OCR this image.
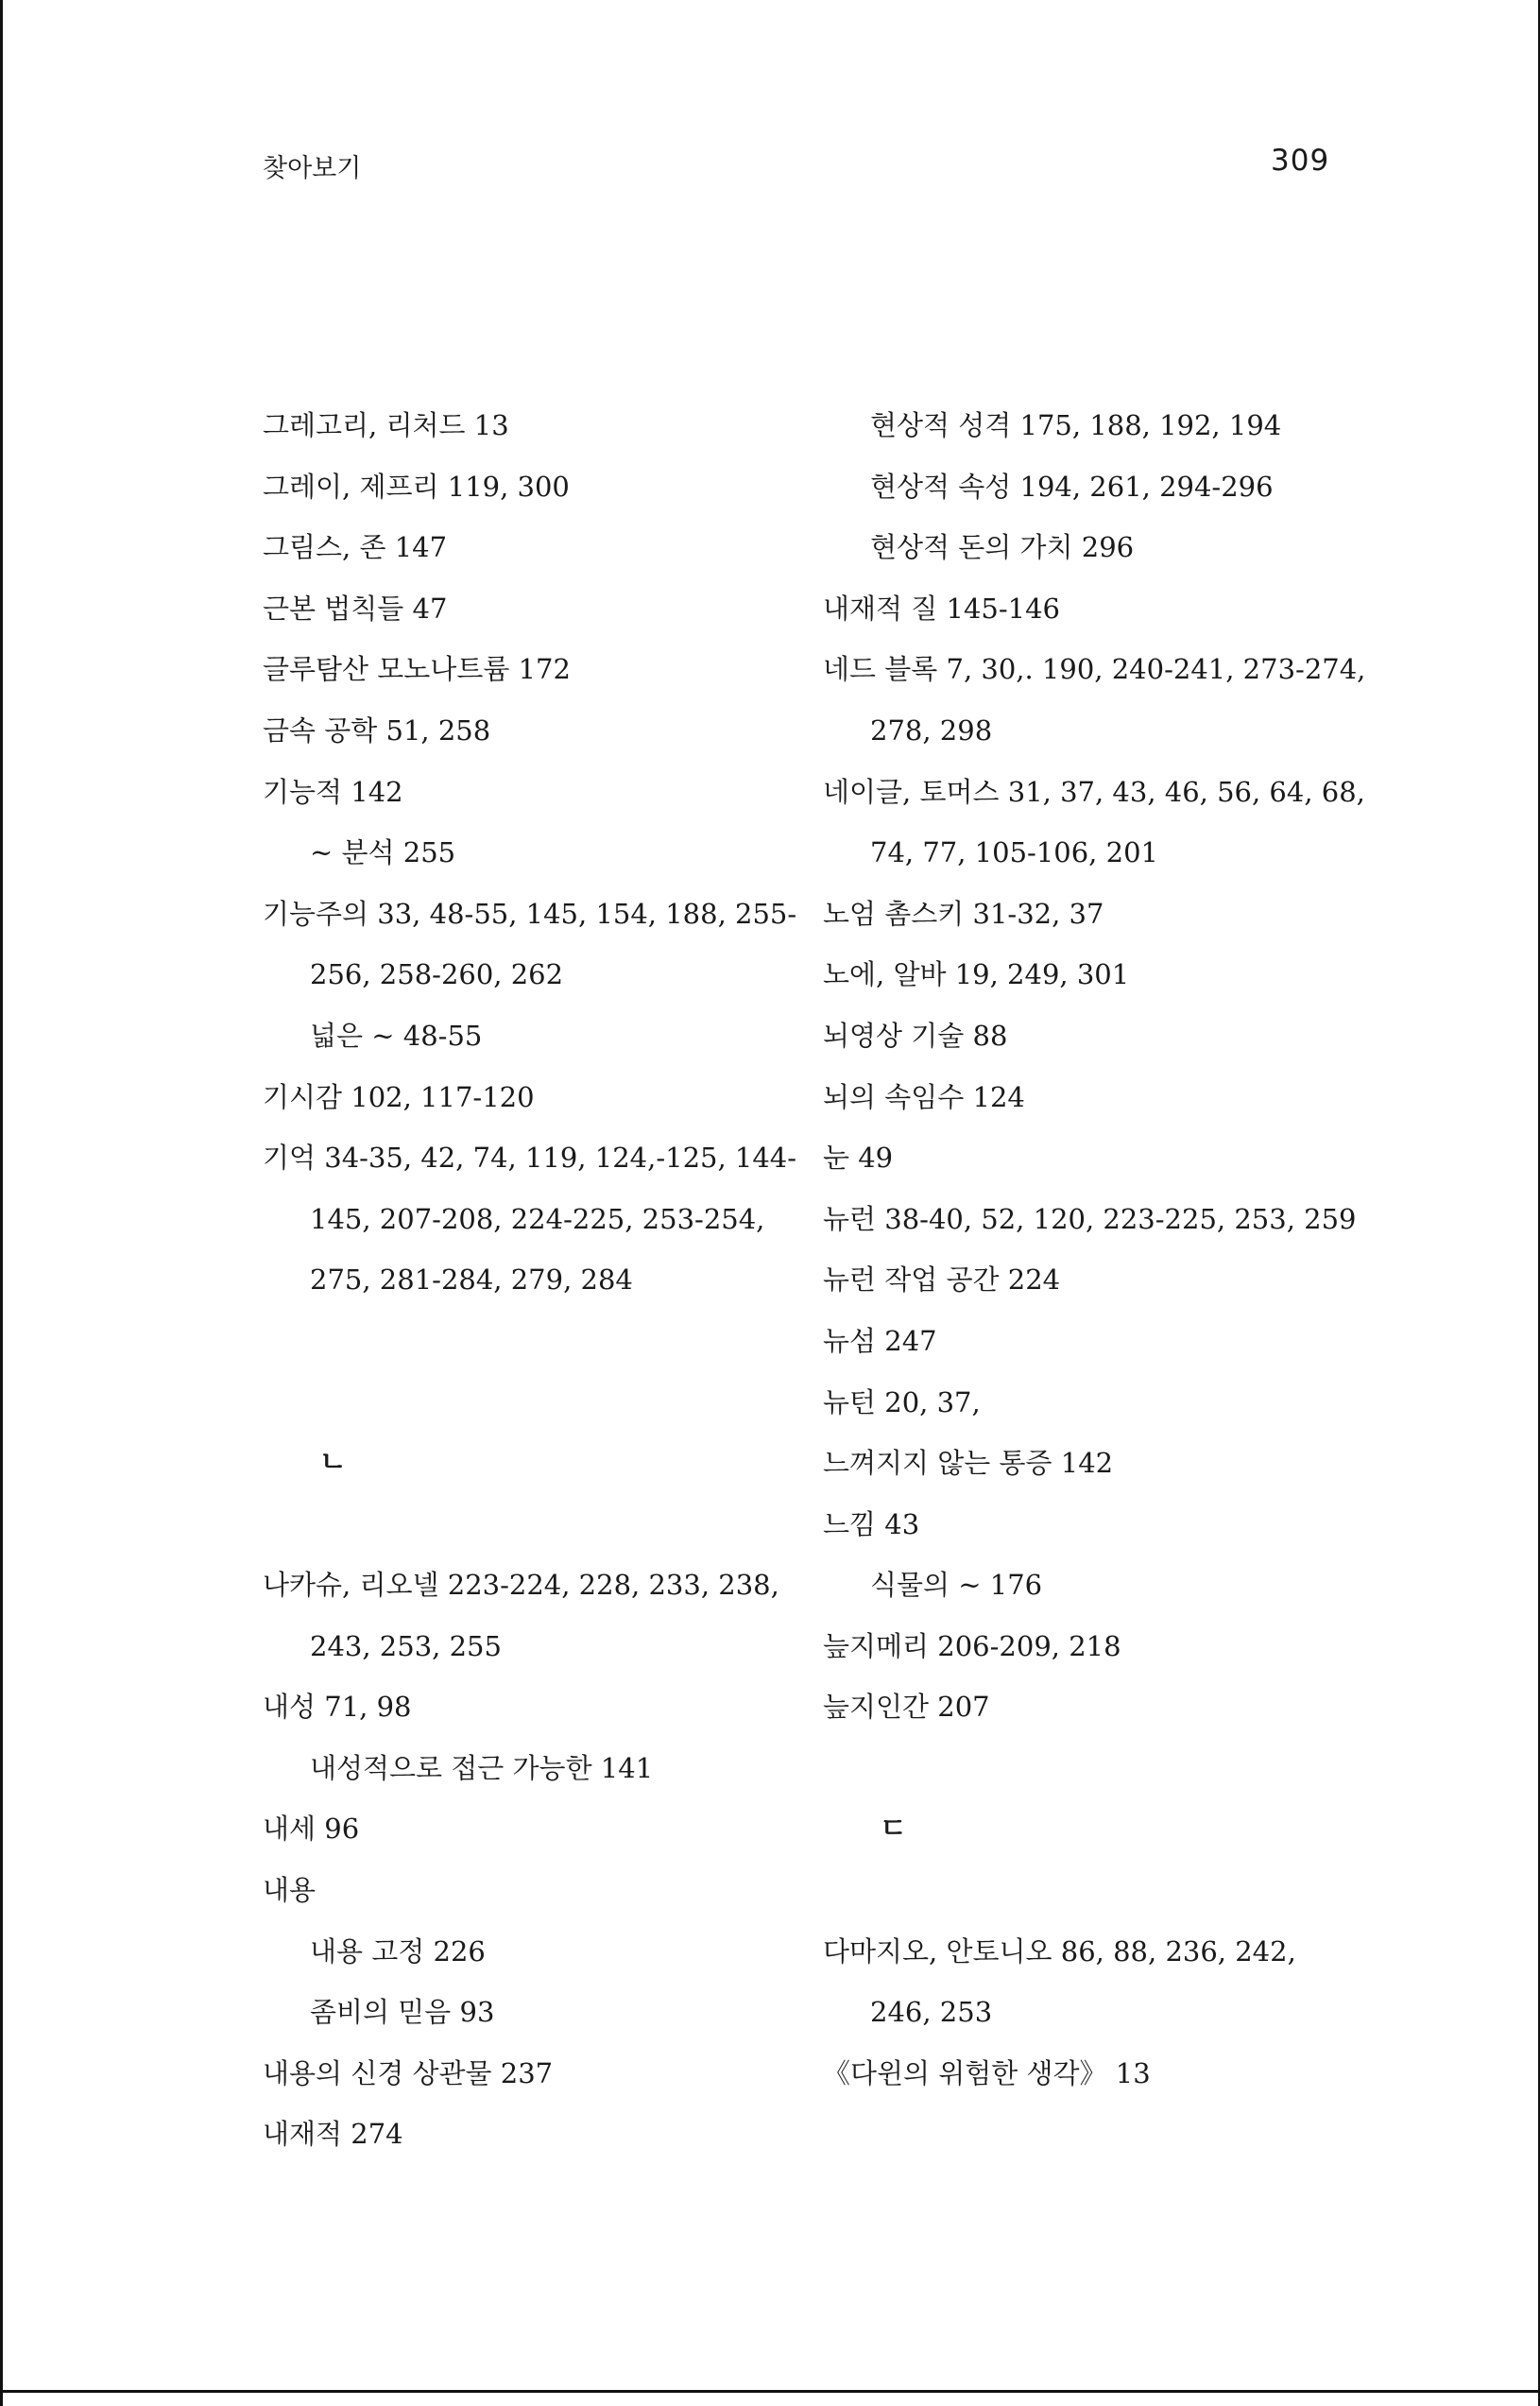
찾아보기	309
그레고리, 리처드 13
그레이, 제프리 119, 300
그림스, 존 147
근본 법칙들 47
글루탐산 모노나트륨 172
금속 공학 51, 258
기능적 142
~ 분석 255
기능주의 33, 48-55, 145, 154, 188, 255-
256, 258-260, 262
넓은 ~ 48-55
기시감 102, 117-120
기억 34-35, 42, 74, 119, 124,-125, 144-
145, 207-208, 224-225, 253-254,
275, 281-284, 279, 284
ㄴ
나카슈, 리오넬 223-224, 228, 233, 238,
243, 253, 255
내성 71, 98
내성적으로 접근 가능한 141
내세 96
내용
내용 고정 226
좀비의 믿음 93
내용의 신경 상관물 237
내재적 274
현상적 성격 175, 188, 192, 194
현상적 속성 194, 261, 294-296
현상적 돈의 가치 296
내재적 질 145-146
네드 블록 7, 30,. 190, 240-241, 273-274,
278, 298
네이글, 토머스 31, 37, 43, 46, 56, 64, 68,
74, 77, 105-106, 201
노엄 촘스키 31-32, 37
노에, 알바 19, 249, 301
뇌영상 기술 88
뇌의 속임수 124
눈 49
뉴런 38-40, 52, 120, 223-225, 253, 259
뉴런 작업 공간 224
뉴섬 247
뉴턴 20, 37,
느껴지지 않는 통증 142
느낌 43
식물의 ~ 176
늪지메리 206-209, 218
늪지인간 207
ㄷ
다마지오, 안토니오 86, 88, 236, 242,
246, 253
《다윈의 위험한 생각》 13
